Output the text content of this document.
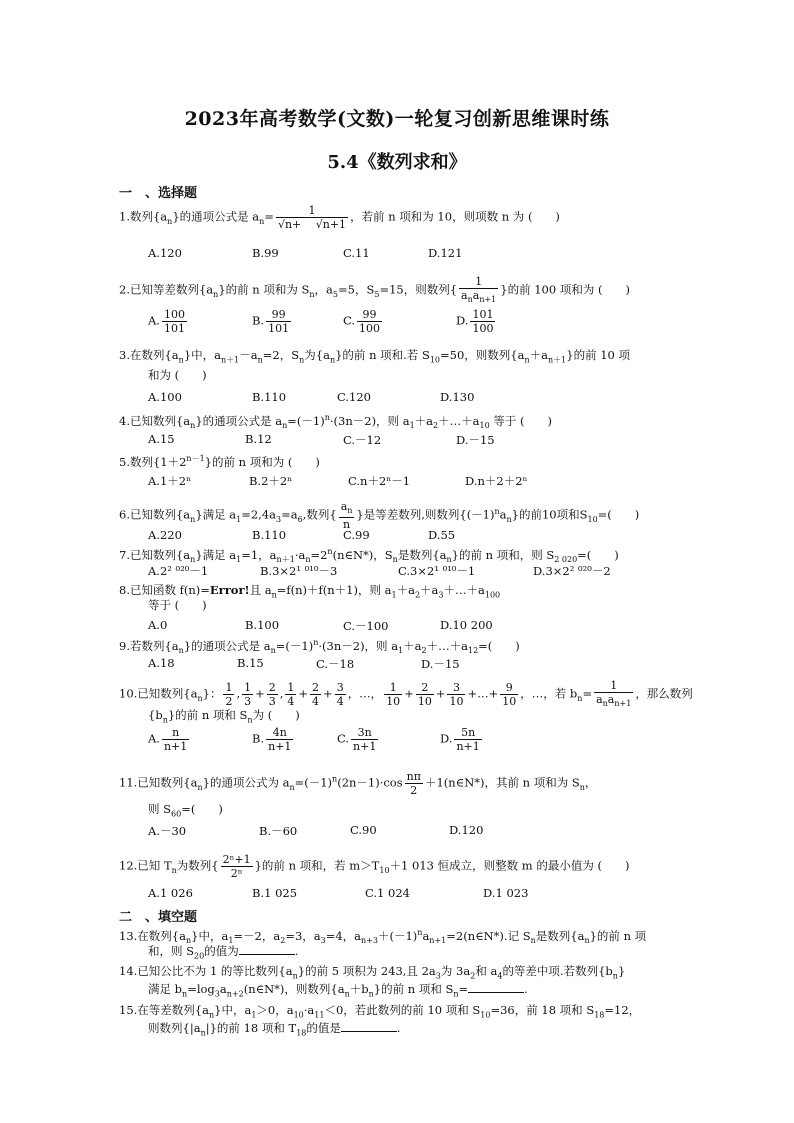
2023年高考数学(文数)一轮复习创新思维课时练
5.4《数列求和》
一　、选择题
1.数列$\{a_n\}$的通项公式是 $a_n= \frac{1}{√n+ √n+1}$ ，若前 n 项和为 10，则项数 n 为 (　　)
A.120	B.99	C.11	D.121
2.已知等差数列$\{a_n\}$的前 n 项和为 $S_n$，$a_5=5$，$S_5=15$，则数列{ $\frac{1}{a_na_{n+1}}$ }的前 100 项和为 (　　)
A. $\frac{100}{101}$	B. $\frac{99}{101}$	C. $\frac{99}{100}$	D. $\frac{101}{100}$
3.在数列$\{a_n\}$中，$a_{n+1}-a_n=2$，$S_n$为$\{a_n\}$的前 n 项和.若 $S_{10}=50$，则数列$\{a_n+a_{n+1}\}$的前 10 项
和为 (　　)
A.100	B.110	C.120	D.130
4.已知数列$\{a_n\}$的通项公式是 $a_n=(-1)^n\cdot(3n-2)$，则 $a_1+a_2+\dots+a_{10}$ 等于 (　　)
A.15	B.12	C.－12	D.－15
5.数列$\{1+2^{n-1}\}$的前 n 项和为 (　　)
A.1＋2ⁿ	B.2＋2ⁿ	C.n＋2ⁿ－1	D.n＋2＋2ⁿ
6.已知数列$\{a_n\}$满足 $a_1=2,4a_3=a_6$,数列{ $\frac{a_n}{n}$ }是等差数列,则数列$\{(-1)^na_n\}$的前10项和$S_{10}=$(　　)
A.220	B.110	C.99	D.55
7.已知数列$\{a_n\}$满足 $a_1=1$，$a_{n+1}\cdot a_n=2^n(n\in N*)$，$S_n$是数列$\{a_n\}$的前 n 项和，则 $S_{2 020}=$(　　)
A.2² ⁰²⁰－1	B.3×2¹ ⁰¹⁰－3	C.3×2¹ ⁰¹⁰－1	D.3×2² ⁰²⁰－2
8.已知函数 f(n)=Error!且 $a_n=f(n)+f(n+1)$，则 $a_1+a_2+a_3+\dots+a_{100}$
等于 (　　)
A.0	B.100	C.－100	D.10 200
9.若数列$\{a_n\}$的通项公式是 $a_n=(-1)^n\cdot(3n-2)$，则 $a_1+a_2+\dots+a_{12}=$(　　)
A.18	B.15	C.－18	D.－15
10.已知数列$\{a_n\}$： $\frac{1}{2}$ , $\frac{1}{3} + \frac{2}{3}$ , $\frac{1}{4} + \frac{2}{4} + \frac{3}{4}$ ，…， $\frac{1}{10} + \frac{2}{10} + \frac{3}{10}$ +…+ $\frac{9}{10}$ ，…，若 $b_n= \frac{1}{a_na_{n+1}}$ ，那么数列
$\{b_n\}$的前 n 项和 $S_n$为 (　　)
A. $\frac{n}{n+1}$	B. $\frac{4n}{n+1}$	C. $\frac{3n}{n+1}$	D. $\frac{5n}{n+1}$
11.已知数列$\{a_n\}$的通项公式为 $a_n=(-1)^n(2n-1)\cdot\cos \frac{n\pi}{2}$ ＋1(n∈N*)，其前 n 项和为 $S_n$，
则 $S_{60}=$(　　)
A.－30	B.－60	C.90	D.120
12.已知 $T_n$为数列{ $\frac{\text{2ⁿ+1}}{\text{2ⁿ}}$ }的前 n 项和，若 $m>T_{10}+1$ 013 恒成立，则整数 m 的最小值为 (　　)
A.1 026	B.1 025	C.1 024	D.1 023
二　、填空题
13.在数列$\{a_n\}$中，$a_1=-2$，$a_2=3$，$a_3=4$，$a_{n+3}+(-1)^na_{n+1}=2(n\in N*)$.记 $S_n$是数列$\{a_n\}$的前 n 项
和，则 $S_{20}$的值为	.
14.已知公比不为 1 的等比数列$\{a_n\}$的前 5 项积为 243,且 $2a_3$为 $3a_2$和 $a_4$的等差中项.若数列$\{b_n\}$
满足 $b_n=\log_3a_{n+2}(n\in N*)$，则数列$\{a_n+b_n\}$的前 n 项和 $S_n=$	.
15.在等差数列$\{a_n\}$中，$a_1>0$，$a_{10}\cdot a_{11}<0$，若此数列的前 10 项和 $S_{10}=36$，前 18 项和 $S_{18}=12$，
则数列$\{|a_n|\}$的前 18 项和 $T_{18}$的值是	.
